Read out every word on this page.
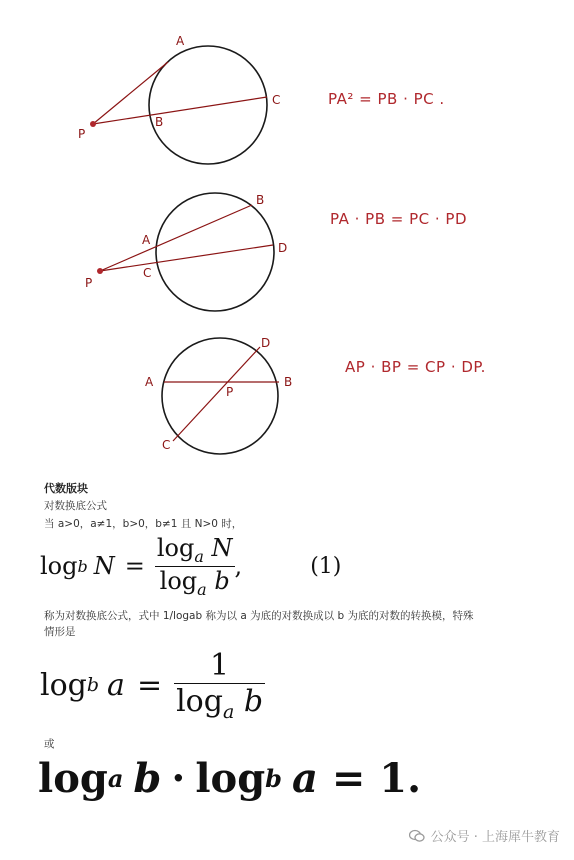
A
B
C
P
PA² = PB · PC .
A
B
C
D
P
PA · PB = PC · PD
A	B
C
D
P
AP · BP = CP · DP.
代数版块
对数换底公式
当 a>0，a≠1，b>0，b≠1 且 N>0 时，
log b $N = \frac{\log_a N}{\log_a b}$ ,	(1)
称为对数换底公式，式中 1/logab 称为以 a 为底的对数换成以 b 为底的对数的转换模，特殊
情形是
log b $a = \frac{1}{\log_a b}$
或
log a b · log b a = 1.
公众号 · 上海犀牛教育
